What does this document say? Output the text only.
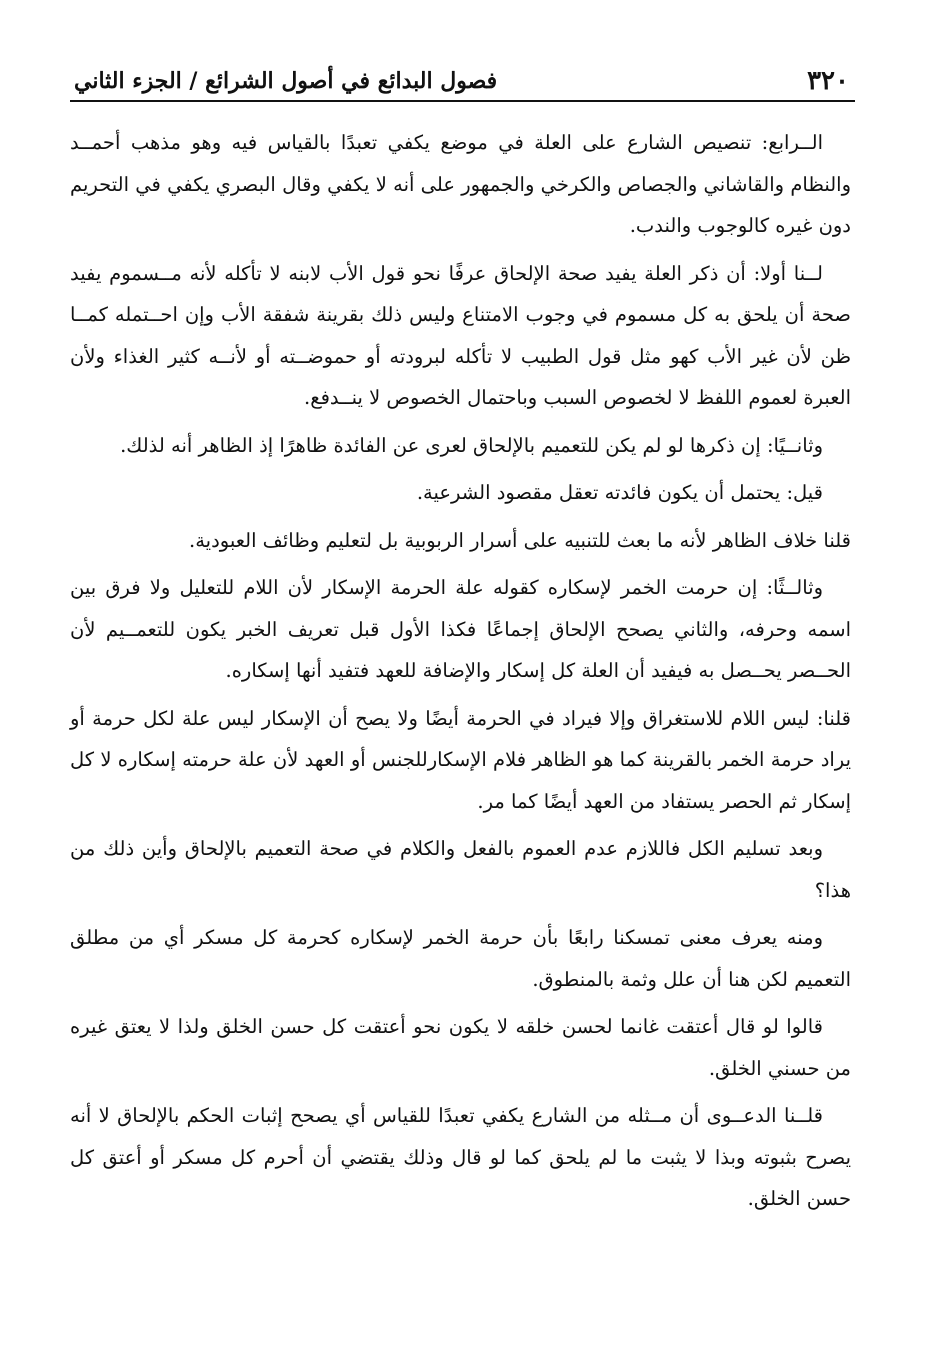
٣٢٠
فصول البدائع في أصول الشرائع / الجزء الثاني

الــرابع: تنصيص الشارع على العلة في موضع يكفي تعبدًا بالقياس فيه وهو مذهب أحمــد والنظام والقاشاني والجصاص والكرخي والجمهور على أنه لا يكفي وقال البصري يكفي في التحريم دون غيره كالوجوب والندب.

لــنا أولا: أن ذكر العلة يفيد صحة الإلحاق عرفًا نحو قول الأب لابنه لا تأكله لأنه مــسموم يفيد صحة أن يلحق به كل مسموم في وجوب الامتناع وليس ذلك بقرينة شفقة الأب وإن احــتمله كمــا ظن لأن غير الأب كهو مثل قول الطبيب لا تأكله لبرودته أو حموضــته أو لأنــه كثير الغذاء ولأن العبرة لعموم اللفظ لا لخصوص السبب وباحتمال الخصوص لا ينــدفع.

وثانــيًا: إن ذكرها لو لم يكن للتعميم بالإلحاق لعرى عن الفائدة ظاهرًا إذ الظاهر أنه لذلك.

قيل: يحتمل أن يكون فائدته تعقل مقصود الشرعية.

قلنا خلاف الظاهر لأنه ما بعث للتنبيه على أسرار الربوبية بل لتعليم وظائف العبودية.

وثالــثًا: إن حرمت الخمر لإسكاره كقوله علة الحرمة الإسكار لأن اللام للتعليل ولا فرق بين اسمه وحرفه، والثاني يصحح الإلحاق إجماعًا فكذا الأول قبل تعريف الخبر يكون للتعمــيم لأن الحــصر يحــصل به فيفيد أن العلة كل إسكار والإضافة للعهد فتفيد أنها إسكاره.

قلنا: ليس اللام للاستغراق وإلا فيراد في الحرمة أيضًا ولا يصح أن الإسكار ليس علة لكل حرمة أو يراد حرمة الخمر بالقرينة كما هو الظاهر فلام الإسكارللجنس أو العهد لأن علة حرمته إسكاره لا كل إسكار ثم الحصر يستفاد من العهد أيضًا كما مر.

وبعد تسليم الكل فاللازم عدم العموم بالفعل والكلام في صحة التعميم بالإلحاق وأين ذلك من هذا؟

ومنه يعرف معنى تمسكنا رابعًا بأن حرمة الخمر لإسكاره كحرمة كل مسكر أي من مطلق التعميم لكن هنا أن علل وثمة بالمنطوق.

قالوا لو قال أعتقت غانما لحسن خلقه لا يكون نحو أعتقت كل حسن الخلق ولذا لا يعتق غيره من حسني الخلق.

قلــنا الدعــوى أن مــثله من الشارع يكفي تعبدًا للقياس أي يصحح إثبات الحكم بالإلحاق لا أنه يصرح بثبوته وبذا لا يثبت ما لم يلحق كما لو قال وذلك يقتضي أن أحرم كل مسكر أو أعتق كل حسن الخلق.
